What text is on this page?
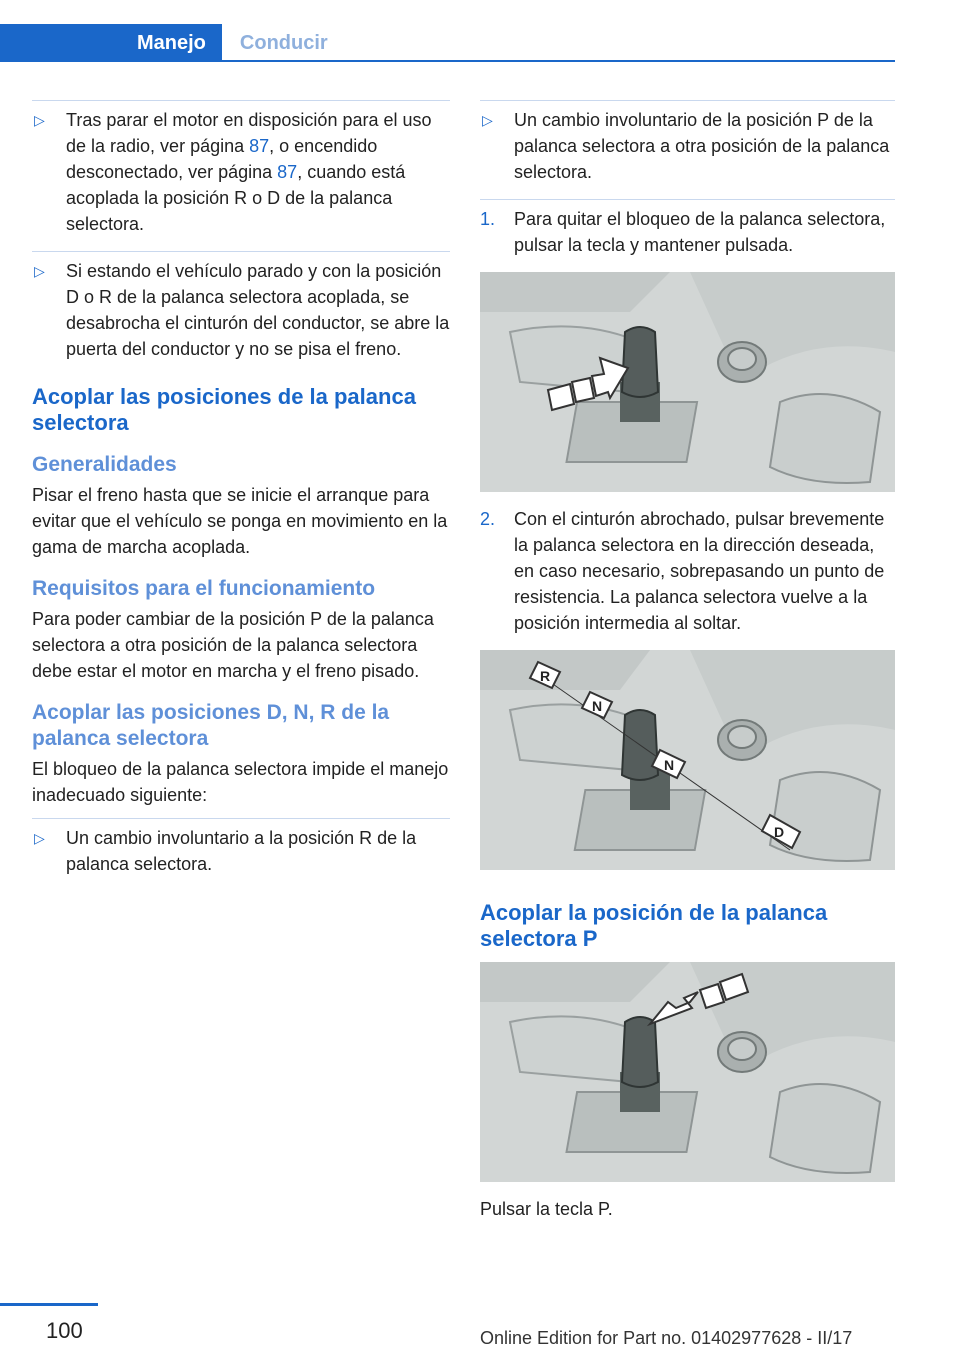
Manejo	Conducir

▷ Tras parar el motor en disposición para el uso de la radio, ver página 87, o encendido desconectado, ver página 87, cuando está acoplada la posición R o D de la palanca selectora.

▷ Si estando el vehículo parado y con la posición D o R de la palanca selectora acoplada, se desabrocha el cinturón del conductor, se abre la puerta del conductor y no se pisa el freno.

Acoplar las posiciones de la palanca selectora
Generalidades

Pisar el freno hasta que se inicie el arranque para evitar que el vehículo se ponga en movimiento en la gama de marcha acoplada.

Requisitos para el funcionamiento

Para poder cambiar de la posición P de la palanca selectora a otra posición de la palanca selectora debe estar el motor en marcha y el freno pisado.

Acoplar las posiciones D, N, R de la palanca selectora

El bloqueo de la palanca selectora impide el manejo inadecuado siguiente:

▷ Un cambio involuntario a la posición R de la palanca selectora.

▷ Un cambio involuntario de la posición P de la palanca selectora a otra posición de la palanca selectora.

1. Para quitar el bloqueo de la palanca selectora, pulsar la tecla y mantener pulsada.

2. Con el cinturón abrochado, pulsar brevemente la palanca selectora en la dirección deseada, en caso necesario, sobrepasando un punto de resistencia. La palanca selectora vuelve a la posición intermedia al soltar.

R
N
N
D
Acoplar la posición de la palanca selectora P

Pulsar la tecla P.

100	Online Edition for Part no. 01402977628 - II/17
